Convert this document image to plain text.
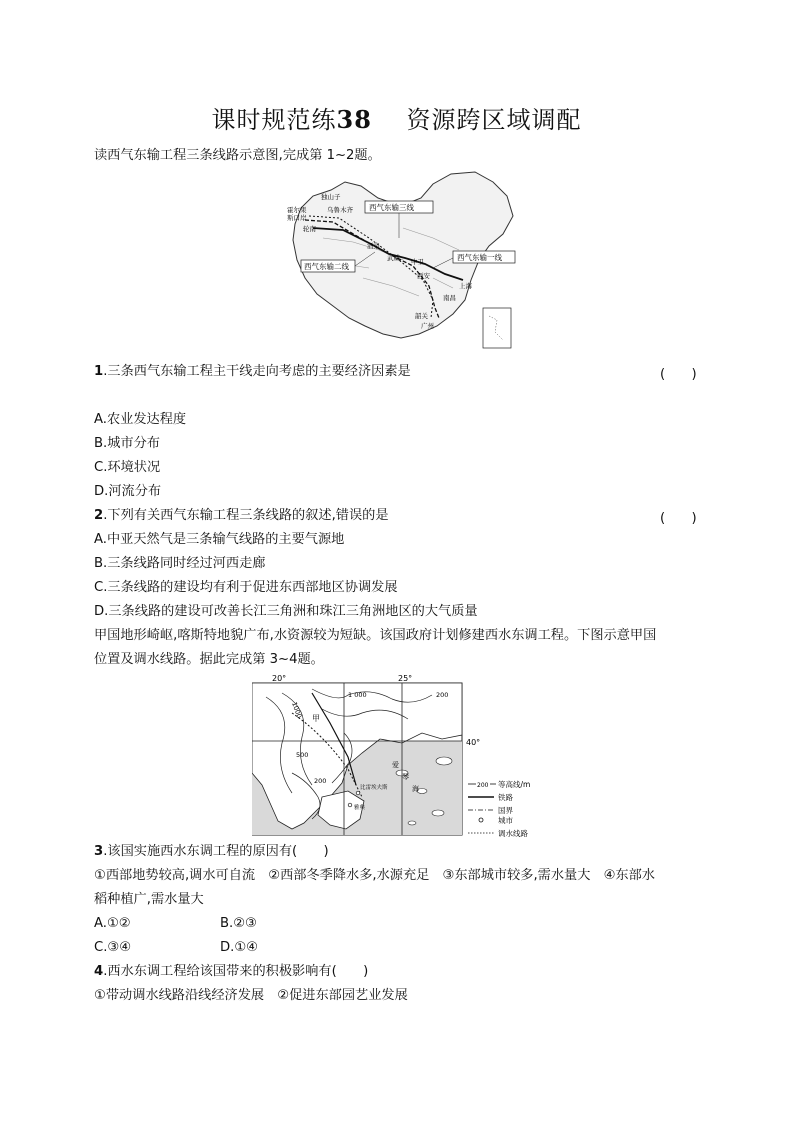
课时规范练38 资源跨区域调配
读西气东输工程三条线路示意图,完成第 1~2题。
西气东输三线
西气东输二线
西气东输一线
独山子
霍尔果
斯口岸
乌鲁木齐
轮南
酒泉
武威 中卫
西安
上海
南昌
韶关
广州
1.三条西气东输工程主干线走向考虑的主要经济因素是	(　　)
A.农业发达程度
B.城市分布
C.环境状况
D.河流分布
2.下列有关西气东输工程三条线路的叙述,错误的是	(　　)
A.中亚天然气是三条输气线路的主要气源地
B.三条线路同时经过河西走廊
C.三条线路的建设均有利于促进东西部地区协调发展
D.三条线路的建设可改善长江三角洲和珠江三角洲地区的大气质量
甲国地形崎岖,喀斯特地貌广布,水资源较为短缺。该国政府计划修建西水东调工程。下图示意甲国
位置及调水线路。据此完成第 3~4题。
20°	25°
40°
1000
1 000	200
200
500
甲
爱
琴
海
比雷埃夫斯
雅典
200 等高线/m
铁路
国界
城市
调水线路
3.该国实施西水东调工程的原因有(　　)
①西部地势较高,调水可自流　②西部冬季降水多,水源充足　③东部城市较多,需水量大　④东部水
稻种植广,需水量大
A.①②	B.②③
C.③④	D.①④
4.西水东调工程给该国带来的积极影响有(　　)
①带动调水线路沿线经济发展　②促进东部园艺业发展
